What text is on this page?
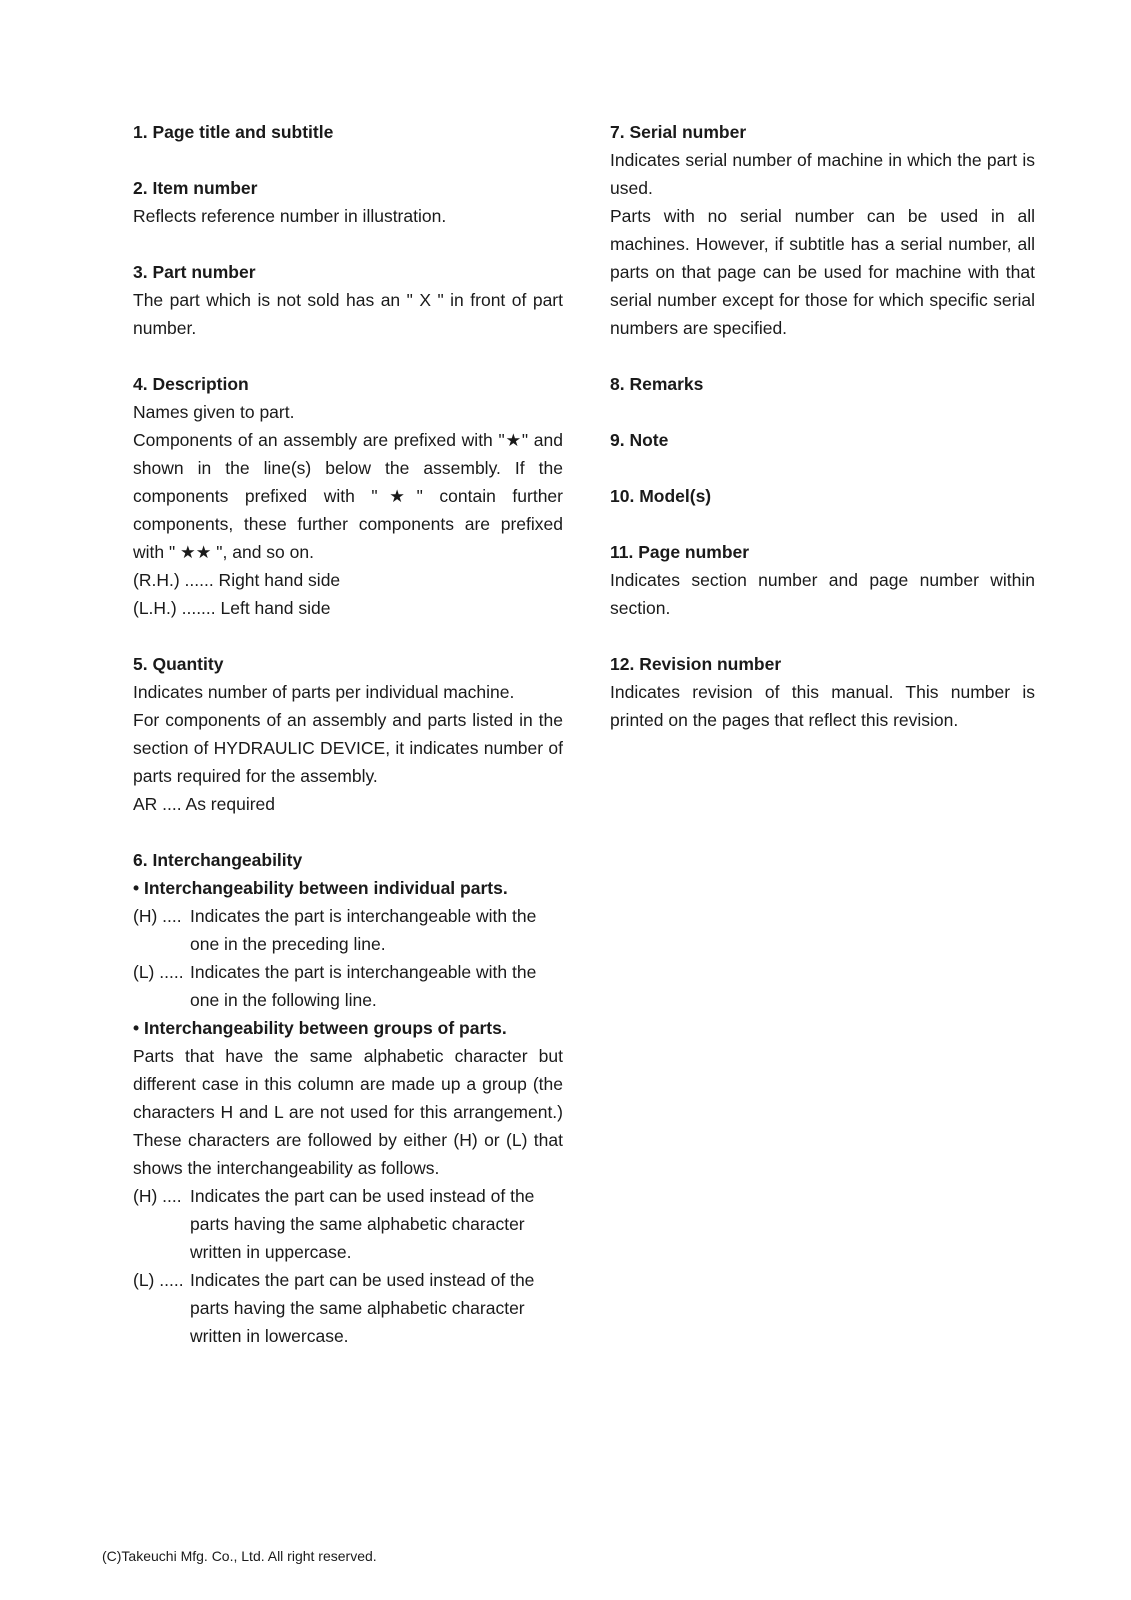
1. Page title and subtitle
2. Item number

Reflects reference number in illustration.

3. Part number

The part which is not sold has an " X " in front of part number.

4. Description

Names given to part.

Components of an assembly are prefixed with "★" and shown in the line(s) below the assembly. If the components prefixed with "★" contain further components, these further components are prefixed with " ★★ ", and so on.

(R.H.) ...... Right hand side

(L.H.) ....... Left hand side

5. Quantity

Indicates number of parts per individual machine.

For components of an assembly and parts listed in the section of HYDRAULIC DEVICE, it indicates number of parts required for the assembly.

AR .... As required

6. Interchangeability

• Interchangeability between individual parts.

(H) .... Indicates the part is interchangeable with the one in the preceding line.
(L) ..... Indicates the part is interchangeable with the one in the following line.

• Interchangeability between groups of parts.

Parts that have the same alphabetic character but different case in this column are made up a group (the characters H and L are not used for this arrangement.) These characters are followed by either (H) or (L) that shows the interchangeability as follows.

(H) .... Indicates the part can be used instead of the parts having the same alphabetic character written in uppercase.
(L) ..... Indicates the part can be used instead of the parts having the same alphabetic character written in lowercase.
7. Serial number

Indicates serial number of machine in which the part is used.

Parts with no serial number can be used in all machines. However, if subtitle has a serial number, all parts on that page can be used for machine with that serial number except for those for which specific serial numbers are specified.

8. Remarks
9. Note
10. Model(s)
11. Page number

Indicates section number and page number within section.

12. Revision number

Indicates revision of this manual. This number is printed on the pages that reflect this revision.

(C)Takeuchi Mfg. Co., Ltd. All right reserved.
